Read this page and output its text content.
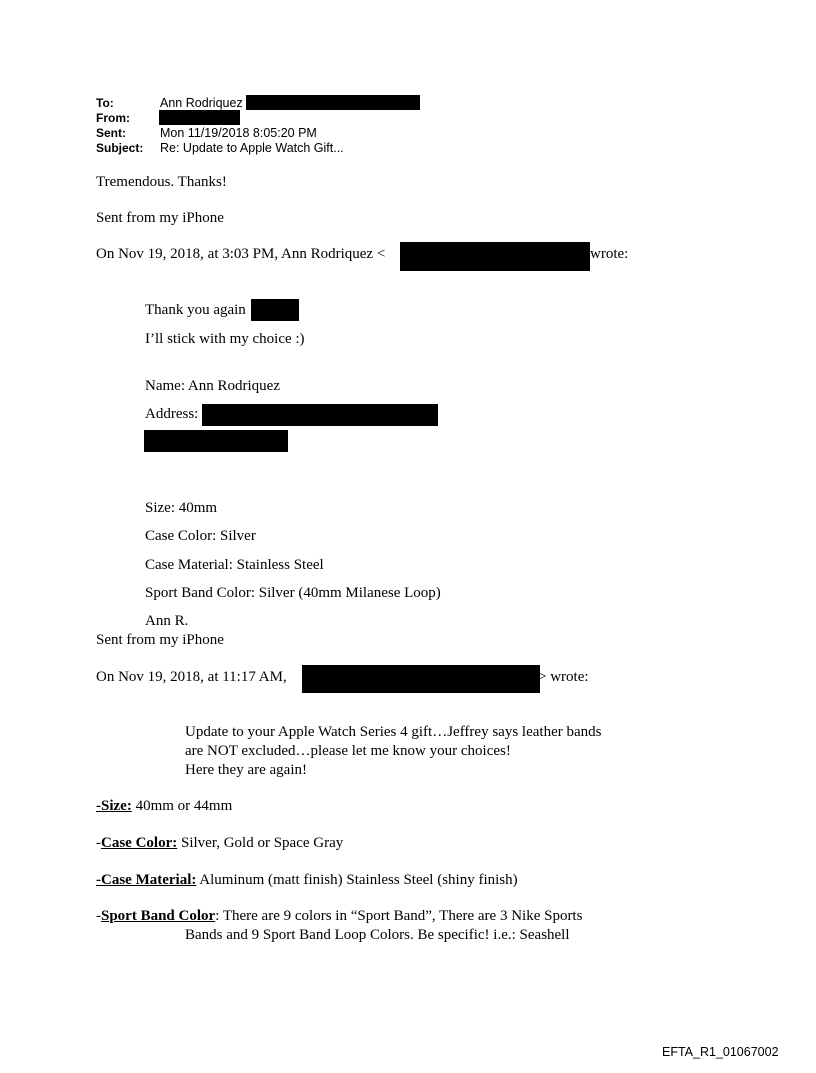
To:	Ann Rodriquez
From:
Sent:	Mon 11/19/2018 8:05:20 PM
Subject: Re: Update to Apple Watch Gift...
Tremendous. Thanks!
Sent from my iPhone
On Nov 19, 2018, at 3:03 PM, Ann Rodriquez <	wrote:
Thank you again
I’ll stick with my choice :)
Name: Ann Rodriquez
Address:
Size: 40mm
Case Color: Silver
Case Material: Stainless Steel
Sport Band Color: Silver (40mm Milanese Loop)
Ann R.
Sent from my iPhone
On Nov 19, 2018, at 11:17 AM,	> wrote:
Update to your Apple Watch Series 4 gift…Jeffrey says leather bands
are NOT excluded…please let me know your choices!
Here they are again!
-Size: 40mm or 44mm
-Case Color: Silver, Gold or Space Gray
-Case Material: Aluminum (matt finish) Stainless Steel (shiny finish)
-Sport Band Color: There are 9 colors in “Sport Band”, There are 3 Nike Sports
Bands and 9 Sport Band Loop Colors. Be specific! i.e.: Seashell
EFTA_R1_01067002
